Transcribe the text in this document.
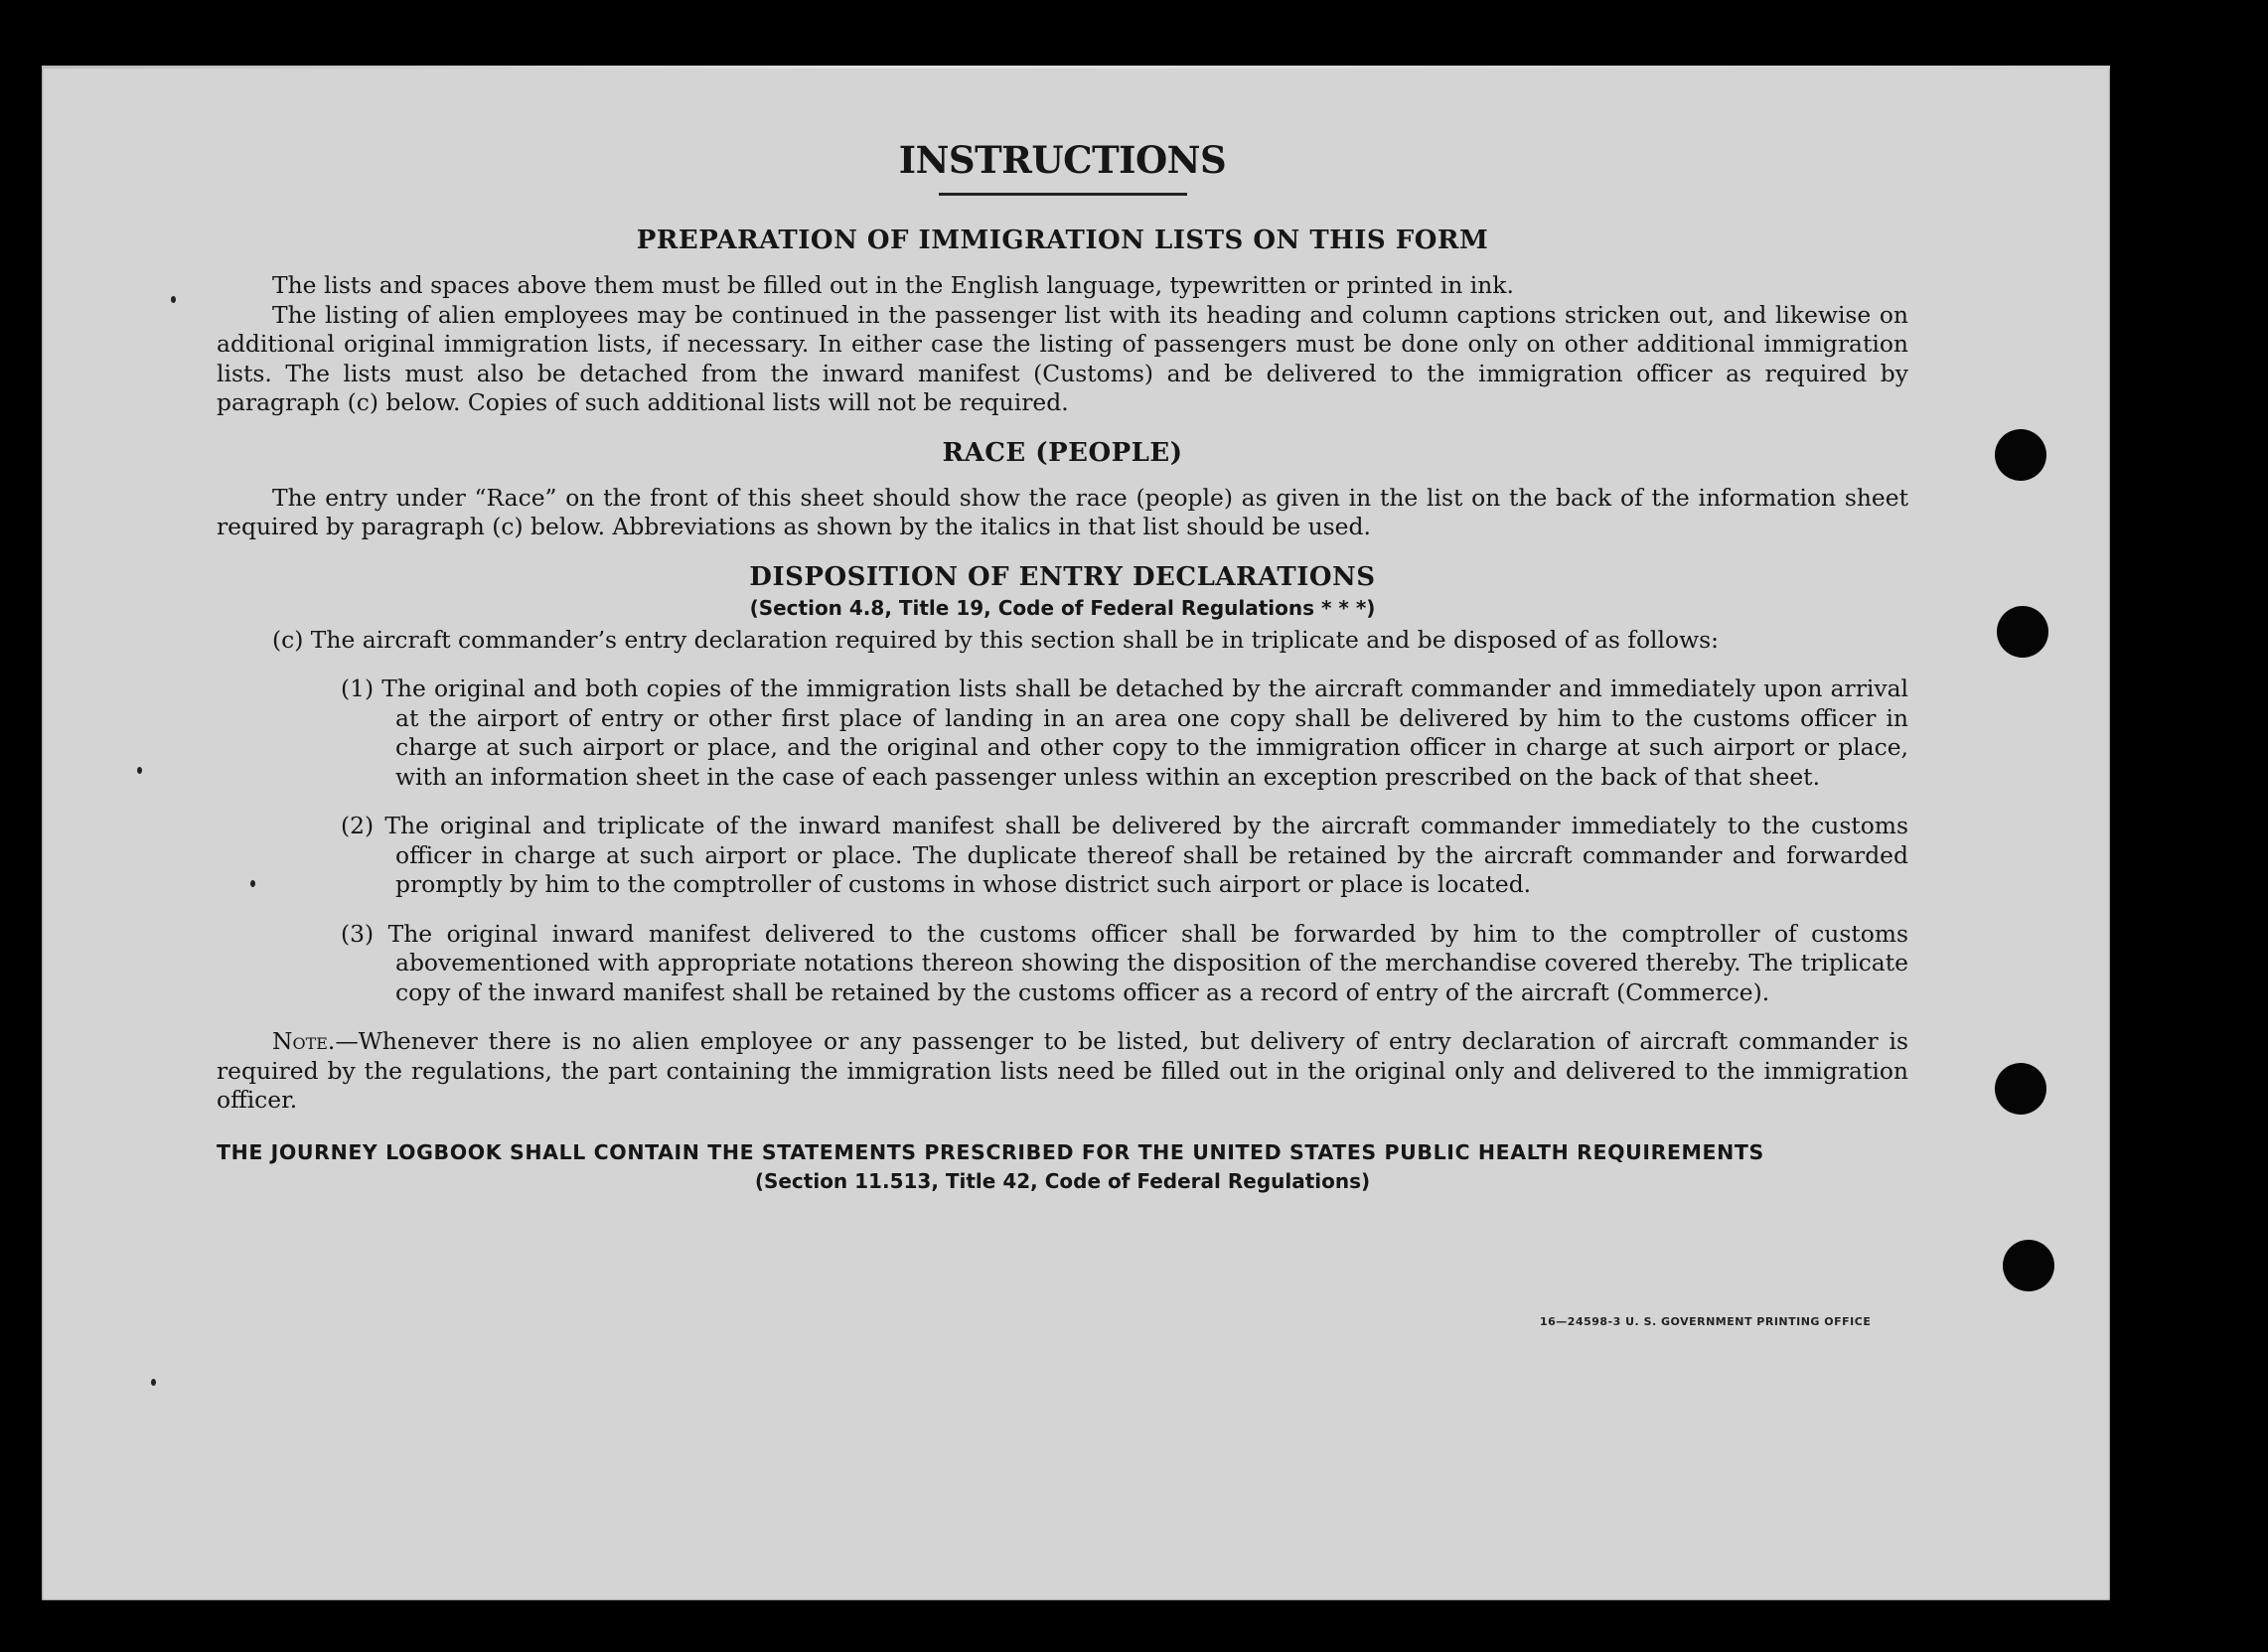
INSTRUCTIONS
PREPARATION OF IMMIGRATION LISTS ON THIS FORM

The lists and spaces above them must be filled out in the English language, typewritten or printed in ink.

The listing of alien employees may be continued in the passenger list with its heading and column captions stricken out, and likewise on additional original immigration lists, if necessary. In either case the listing of passengers must be done only on other additional immigration lists. The lists must also be detached from the inward manifest (Customs) and be delivered to the immigration officer as required by paragraph (c) below. Copies of such additional lists will not be required.

RACE (PEOPLE)

The entry under “Race” on the front of this sheet should show the race (people) as given in the list on the back of the information sheet required by paragraph (c) below. Abbreviations as shown by the italics in that list should be used.

DISPOSITION OF ENTRY DECLARATIONS
(Section 4.8, Title 19, Code of Federal Regulations * * *)

(c) The aircraft commander’s entry declaration required by this section shall be in triplicate and be disposed of as follows:

(1) The original and both copies of the immigration lists shall be detached by the aircraft commander and immediately upon arrival at the airport of entry or other first place of landing in an area one copy shall be delivered by him to the customs officer in charge at such airport or place, and the original and other copy to the immigration officer in charge at such airport or place, with an information sheet in the case of each passenger unless within an exception prescribed on the back of that sheet.

(2) The original and triplicate of the inward manifest shall be delivered by the aircraft commander immediately to the customs officer in charge at such airport or place. The duplicate thereof shall be retained by the aircraft commander and forwarded promptly by him to the comptroller of customs in whose district such airport or place is located.

(3) The original inward manifest delivered to the customs officer shall be forwarded by him to the comptroller of customs abovementioned with appropriate notations thereon showing the disposition of the merchandise covered thereby. The triplicate copy of the inward manifest shall be retained by the customs officer as a record of entry of the aircraft (Commerce).

Note.—Whenever there is no alien employee or any passenger to be listed, but delivery of entry declaration of aircraft commander is required by the regulations, the part containing the immigration lists need be filled out in the original only and delivered to the immigration officer.

THE JOURNEY LOGBOOK SHALL CONTAIN THE STATEMENTS PRESCRIBED FOR THE UNITED STATES PUBLIC HEALTH REQUIREMENTS

(Section 11.513, Title 42, Code of Federal Regulations)
16—24598-3 U. S. GOVERNMENT PRINTING OFFICE
